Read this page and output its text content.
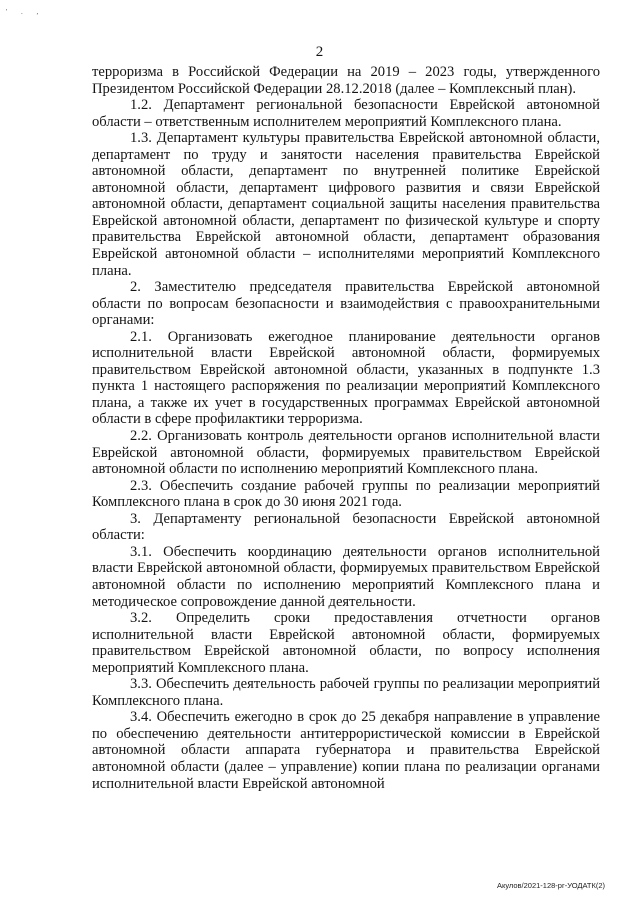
' . ,
2

терроризма в Российской Федерации на 2019 – 2023 годы, утвержденного Президентом Российской Федерации 28.12.2018 (далее – Комплексный план).

1.2. Департамент региональной безопасности Еврейской автономной области – ответственным исполнителем мероприятий Комплексного плана.

1.3. Департамент культуры правительства Еврейской автономной области, департамент по труду и занятости населения правительства Еврейской автономной области, департамент по внутренней политике Еврейской автономной области, департамент цифрового развития и связи Еврейской автономной области, департамент социальной защиты населения правительства Еврейской автономной области, департамент по физической культуре и спорту правительства Еврейской автономной области, департамент образования Еврейской автономной области – исполнителями мероприятий Комплексного плана.

2. Заместителю председателя правительства Еврейской автономной области по вопросам безопасности и взаимодействия с правоохранительными органами:

2.1. Организовать ежегодное планирование деятельности органов исполнительной власти Еврейской автономной области, формируемых правительством Еврейской автономной области, указанных в подпункте 1.3 пункта 1 настоящего распоряжения по реализации мероприятий Комплексного плана, а также их учет в государственных программах Еврейской автономной области в сфере профилактики терроризма.

2.2. Организовать контроль деятельности органов исполнительной власти Еврейской автономной области, формируемых правительством Еврейской автономной области по исполнению мероприятий Комплексного плана.

2.3. Обеспечить создание рабочей группы по реализации мероприятий Комплексного плана в срок до 30 июня 2021 года.

3. Департаменту региональной безопасности Еврейской автономной области:

3.1. Обеспечить координацию деятельности органов исполнительной власти Еврейской автономной области, формируемых правительством Еврейской автономной области по исполнению мероприятий Комплексного плана и методическое сопровождение данной деятельности.

3.2. Определить сроки предоставления отчетности органов исполнительной власти Еврейской автономной области, формируемых правительством Еврейской автономной области, по вопросу исполнения мероприятий Комплексного плана.

3.3. Обеспечить деятельность рабочей группы по реализации мероприятий Комплексного плана.

3.4. Обеспечить ежегодно в срок до 25 декабря направление в управление по обеспечению деятельности антитеррористической комиссии в Еврейской автономной области аппарата губернатора и правительства Еврейской автономной области (далее – управление) копии плана по реализации органами исполнительной власти Еврейской автономной

Акулов/2021-128-рг-УОДАТК(2)
